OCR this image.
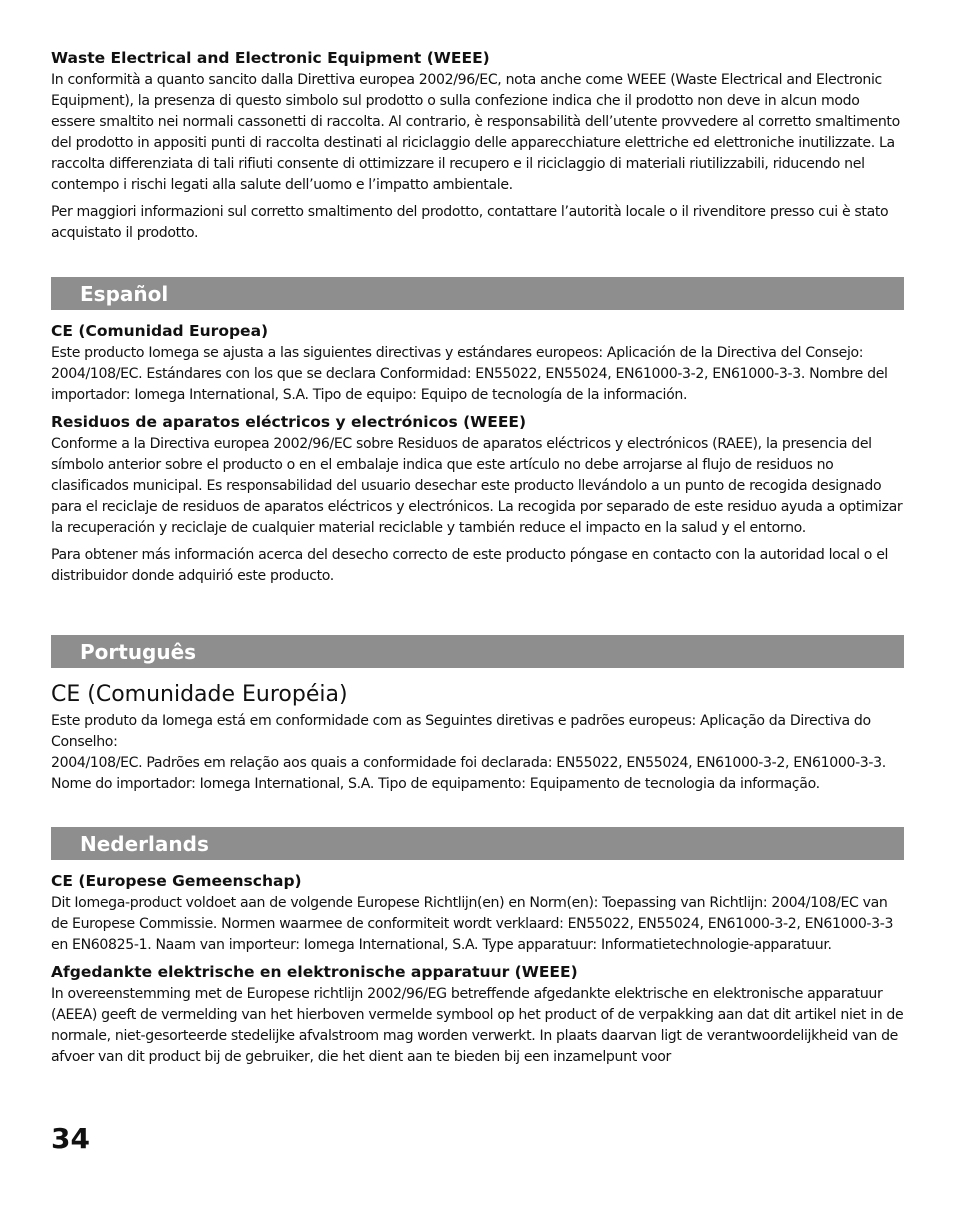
Waste Electrical and Electronic Equipment (WEEE)

In conformità a quanto sancito dalla Direttiva europea 2002/96/EC, nota anche come WEEE (Waste Electrical and Electronic Equipment), la presenza di questo simbolo sul prodotto o sulla confezione indica che il prodotto non deve in alcun modo essere smaltito nei normali cassonetti di raccolta. Al contrario, è responsabilità dell’utente provvedere al corretto smaltimento del prodotto in appositi punti di raccolta destinati al riciclaggio delle apparecchiature elettriche ed elettroniche inutilizzate. La raccolta differenziata di tali rifiuti consente di ottimizzare il recupero e il riciclaggio di materiali riutilizzabili, riducendo nel contempo i rischi legati alla salute dell’uomo e l’impatto ambientale.

Per maggiori informazioni sul corretto smaltimento del prodotto, contattare l’autorità locale o il rivenditore presso cui è stato acquistato il prodotto.

Español
CE (Comunidad Europea)

Este producto Iomega se ajusta a las siguientes directivas y estándares europeos: Aplicación de la Directiva del Consejo: 2004/108/EC. Estándares con los que se declara Conformidad: EN55022, EN55024, EN61000-3-2, EN61000-3-3. Nombre del importador: Iomega International, S.A. Tipo de equipo: Equipo de tecnología de la información.

Residuos de aparatos eléctricos y electrónicos (WEEE)

Conforme a la Directiva europea 2002/96/EC sobre Residuos de aparatos eléctricos y electrónicos (RAEE), la presencia del símbolo anterior sobre el producto o en el embalaje indica que este artículo no debe arrojarse al flujo de residuos no clasificados municipal. Es responsabilidad del usuario desechar este producto llevándolo a un punto de recogida designado para el reciclaje de residuos de aparatos eléctricos y electrónicos. La recogida por separado de este residuo ayuda a optimizar la recuperación y reciclaje de cualquier material reciclable y también reduce el impacto en la salud y el entorno.

Para obtener más información acerca del desecho correcto de este producto póngase en contacto con la autoridad local o el distribuidor donde adquirió este producto.

Português
CE (Comunidade Européia)

Este produto da Iomega está em conformidade com as Seguintes diretivas e padrões europeus: Aplicação da Directiva do Conselho:

2004/108/EC. Padrões em relação aos quais a conformidade foi declarada: EN55022, EN55024, EN61000-3-2, EN61000-3-3. Nome do importador: Iomega International, S.A. Tipo de equipamento: Equipamento de tecnologia da informação.

Nederlands
CE (Europese Gemeenschap)

Dit Iomega-product voldoet aan de volgende Europese Richtlijn(en) en Norm(en): Toepassing van Richtlijn: 2004/108/EC van de Europese Commissie. Normen waarmee de conformiteit wordt verklaard: EN55022, EN55024, EN61000-3-2, EN61000-3-3 en EN60825-1. Naam van importeur: Iomega International, S.A. Type apparatuur: Informatietechnologie-apparatuur.

Afgedankte elektrische en elektronische apparatuur (WEEE)

In overeenstemming met de Europese richtlijn 2002/96/EG betreffende afgedankte elektrische en elektronische apparatuur (AEEA) geeft de vermelding van het hierboven vermelde symbool op het product of de verpakking aan dat dit artikel niet in de normale, niet-gesorteerde stedelijke afvalstroom mag worden verwerkt. In plaats daarvan ligt de verantwoordelijkheid van de afvoer van dit product bij de gebruiker, die het dient aan te bieden bij een inzamelpunt voor

34
